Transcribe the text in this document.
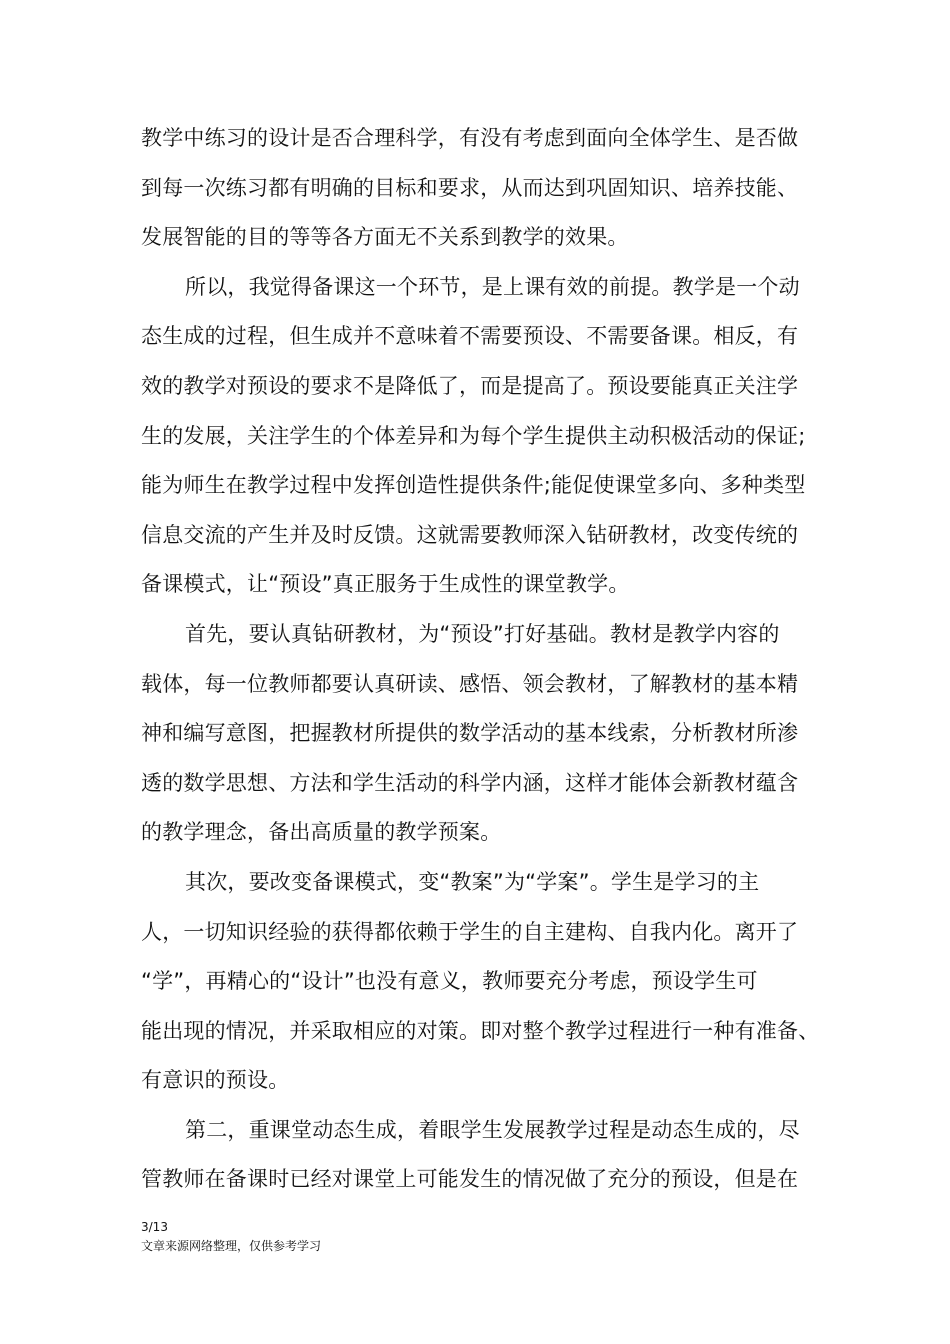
教学中练习的设计是否合理科学，有没有考虑到面向全体学生、是否做
到每一次练习都有明确的目标和要求，从而达到巩固知识、培养技能、
发展智能的目的等等各方面无不关系到教学的效果。
所以，我觉得备课这一个环节，是上课有效的前提。教学是一个动
态生成的过程，但生成并不意味着不需要预设、不需要备课。相反，有
效的教学对预设的要求不是降低了，而是提高了。预设要能真正关注学
生的发展，关注学生的个体差异和为每个学生提供主动积极活动的保证;
能为师生在教学过程中发挥创造性提供条件;能促使课堂多向、多种类型
信息交流的产生并及时反馈。这就需要教师深入钻研教材，改变传统的
备课模式，让“预设”真正服务于生成性的课堂教学。
首先，要认真钻研教材，为“预设”打好基础。教材是教学内容的
载体，每一位教师都要认真研读、感悟、领会教材，了解教材的基本精
神和编写意图，把握教材所提供的数学活动的基本线索，分析教材所渗
透的数学思想、方法和学生活动的科学内涵，这样才能体会新教材蕴含
的教学理念，备出高质量的教学预案。
其次，要改变备课模式，变“教案”为“学案”。学生是学习的主
人，一切知识经验的获得都依赖于学生的自主建构、自我内化。离开了
“学”，再精心的“设计”也没有意义，教师要充分考虑，预设学生可
能出现的情况，并采取相应的对策。即对整个教学过程进行一种有准备、
有意识的预设。
第二，重课堂动态生成，着眼学生发展教学过程是动态生成的，尽
管教师在备课时已经对课堂上可能发生的情况做了充分的预设，但是在
3/13
文章来源网络整理，仅供参考学习
